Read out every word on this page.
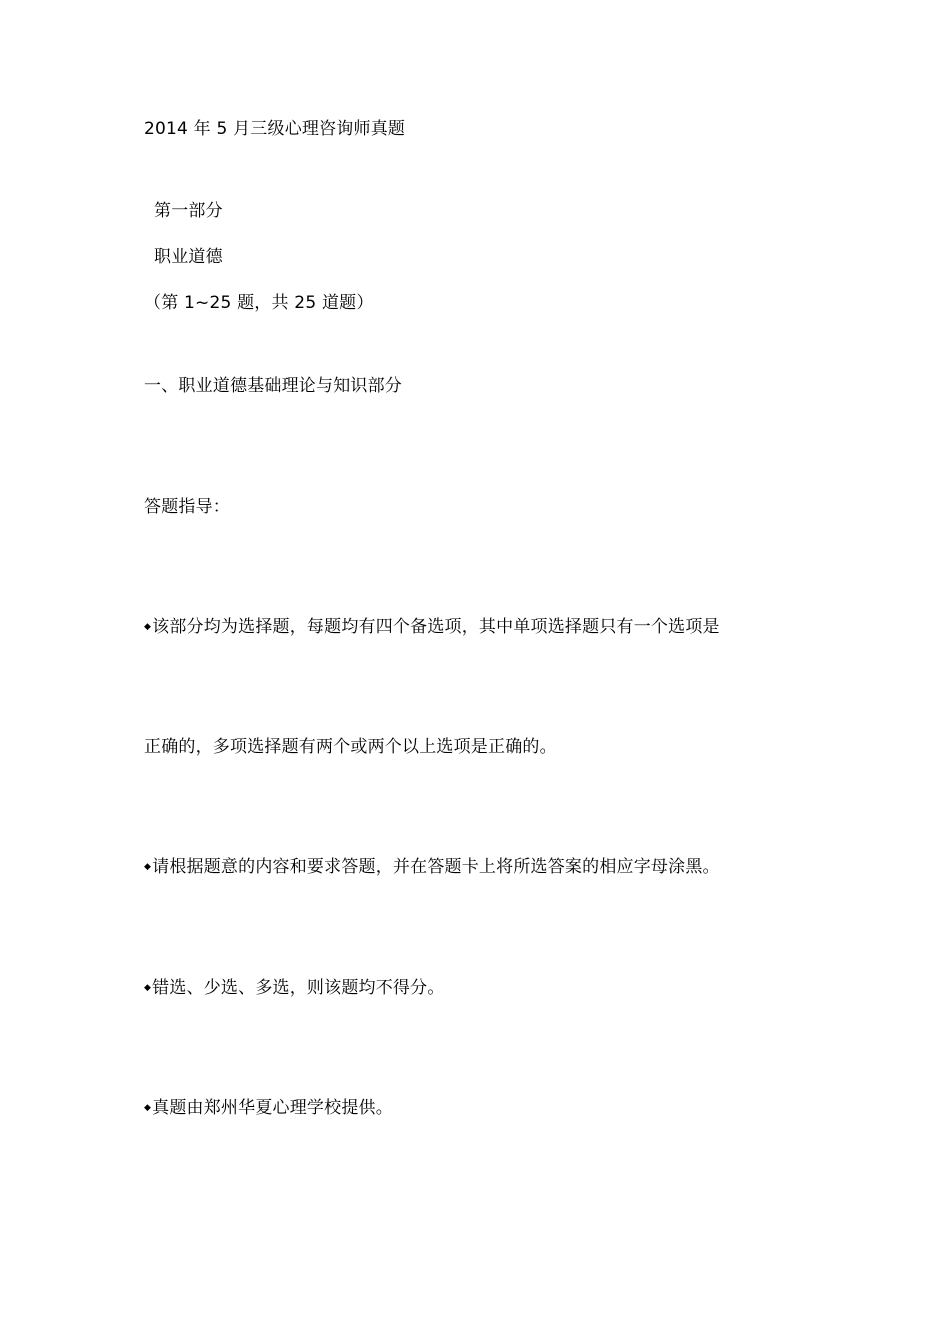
2014 年 5 月三级心理咨询师真题
第一部分
职业道德
（第 1~25 题，共 25 道题）
一、职业道德基础理论与知识部分
答题指导：
◆该部分均为选择题，每题均有四个备选项，其中单项选择题只有一个选项是
正确的，多项选择题有两个或两个以上选项是正确的。
◆请根据题意的内容和要求答题，并在答题卡上将所选答案的相应字母涂黑。
◆错选、少选、多选，则该题均不得分。
◆真题由郑州华夏心理学校提供。
